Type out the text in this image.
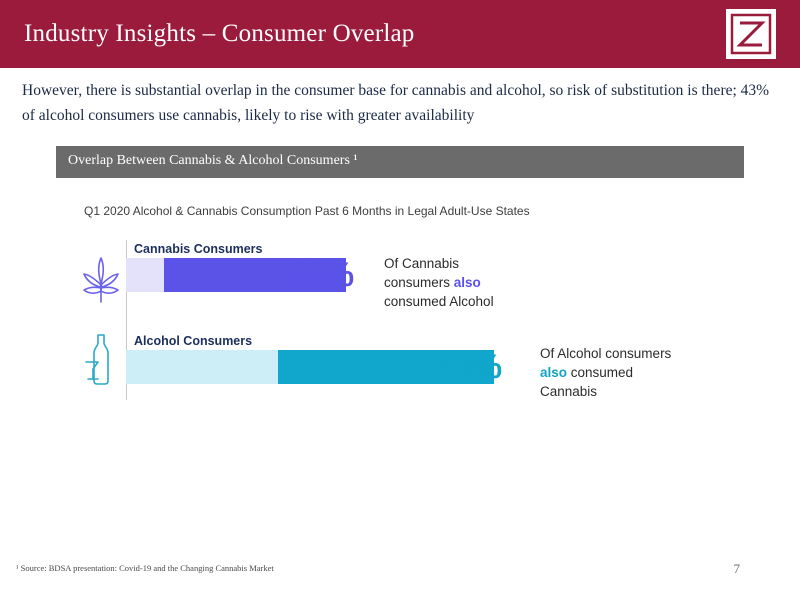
Industry Insights – Consumer Overlap
However, there is substantial overlap in the consumer base for cannabis and alcohol, so risk of substitution is there; 43% of alcohol consumers use cannabis, likely to rise with greater availability
Overlap Between Cannabis & Alcohol Consumers ¹
Q1 2020 Alcohol & Cannabis Consumption Past 6 Months in Legal Adult-Use States
Cannabis Consumers
68% Of Cannabis
consumers also
consumed Alcohol
Alcohol Consumers
43%	Of Alcohol consumers
also consumed
Cannabis
¹ Source: BDSA presentation: Covid-19 and the Changing Cannabis Market	7
